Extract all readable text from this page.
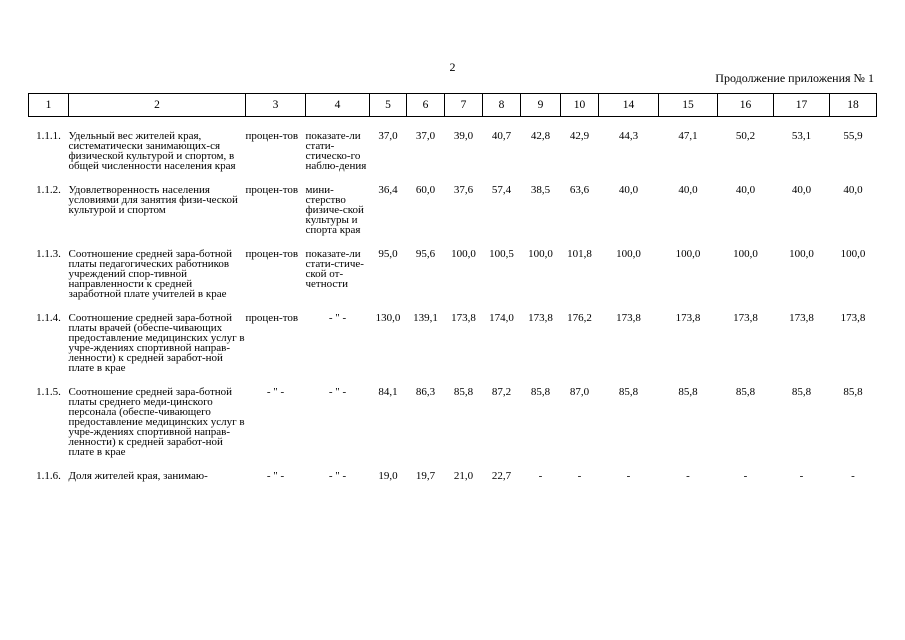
2
Продолжение приложения № 1
1	2	3	4	5	6	7	8	9	10	14	15	16	17	18

1.1.1.	Удельный вес жителей края, систематически занимающих-ся физической культурой и спортом, в общей численности населения края	процен-тов	показате-ли стати-стическо-го наблю-дения	37,0	37,0	39,0	40,7	42,8	42,9	44,3	47,1	50,2	53,1	55,9

1.1.2.	Удовлетворенность населения условиями для занятия физи-ческой культурой и спортом	процен-тов	мини-стерство физиче-ской культуры и спорта края	36,4	60,0	37,6	57,4	38,5	63,6	40,0	40,0	40,0	40,0	40,0

1.1.3.	Соотношение средней зара-ботной платы педагогических работников учреждений спор-тивной направленности к средней заработной плате учителей в крае	процен-тов	показате-ли стати-стиче-ской от-четности	95,0	95,6	100,0	100,5	100,0	101,8	100,0	100,0	100,0	100,0	100,0

1.1.4.	Соотношение средней зара-ботной платы врачей (обеспе-чивающих предоставление медицинских услуг в учре-ждениях спортивной направ-ленности) к средней заработ-ной плате в крае	процен-тов	- " -	130,0	139,1	173,8	174,0	173,8	176,2	173,8	173,8	173,8	173,8	173,8

1.1.5.	Соотношение средней зара-ботной платы среднего меди-цинского персонала (обеспе-чивающего предоставление медицинских услуг в учре-ждениях спортивной направ-ленности) к средней заработ-ной плате в крае	- " -	- " -	84,1	86,3	85,8	87,2	85,8	87,0	85,8	85,8	85,8	85,8	85,8

1.1.6.	Доля жителей края, занимаю-	- " -	- " -	19,0	19,7	21,0	22,7	-	-	-	-	-	-	-
